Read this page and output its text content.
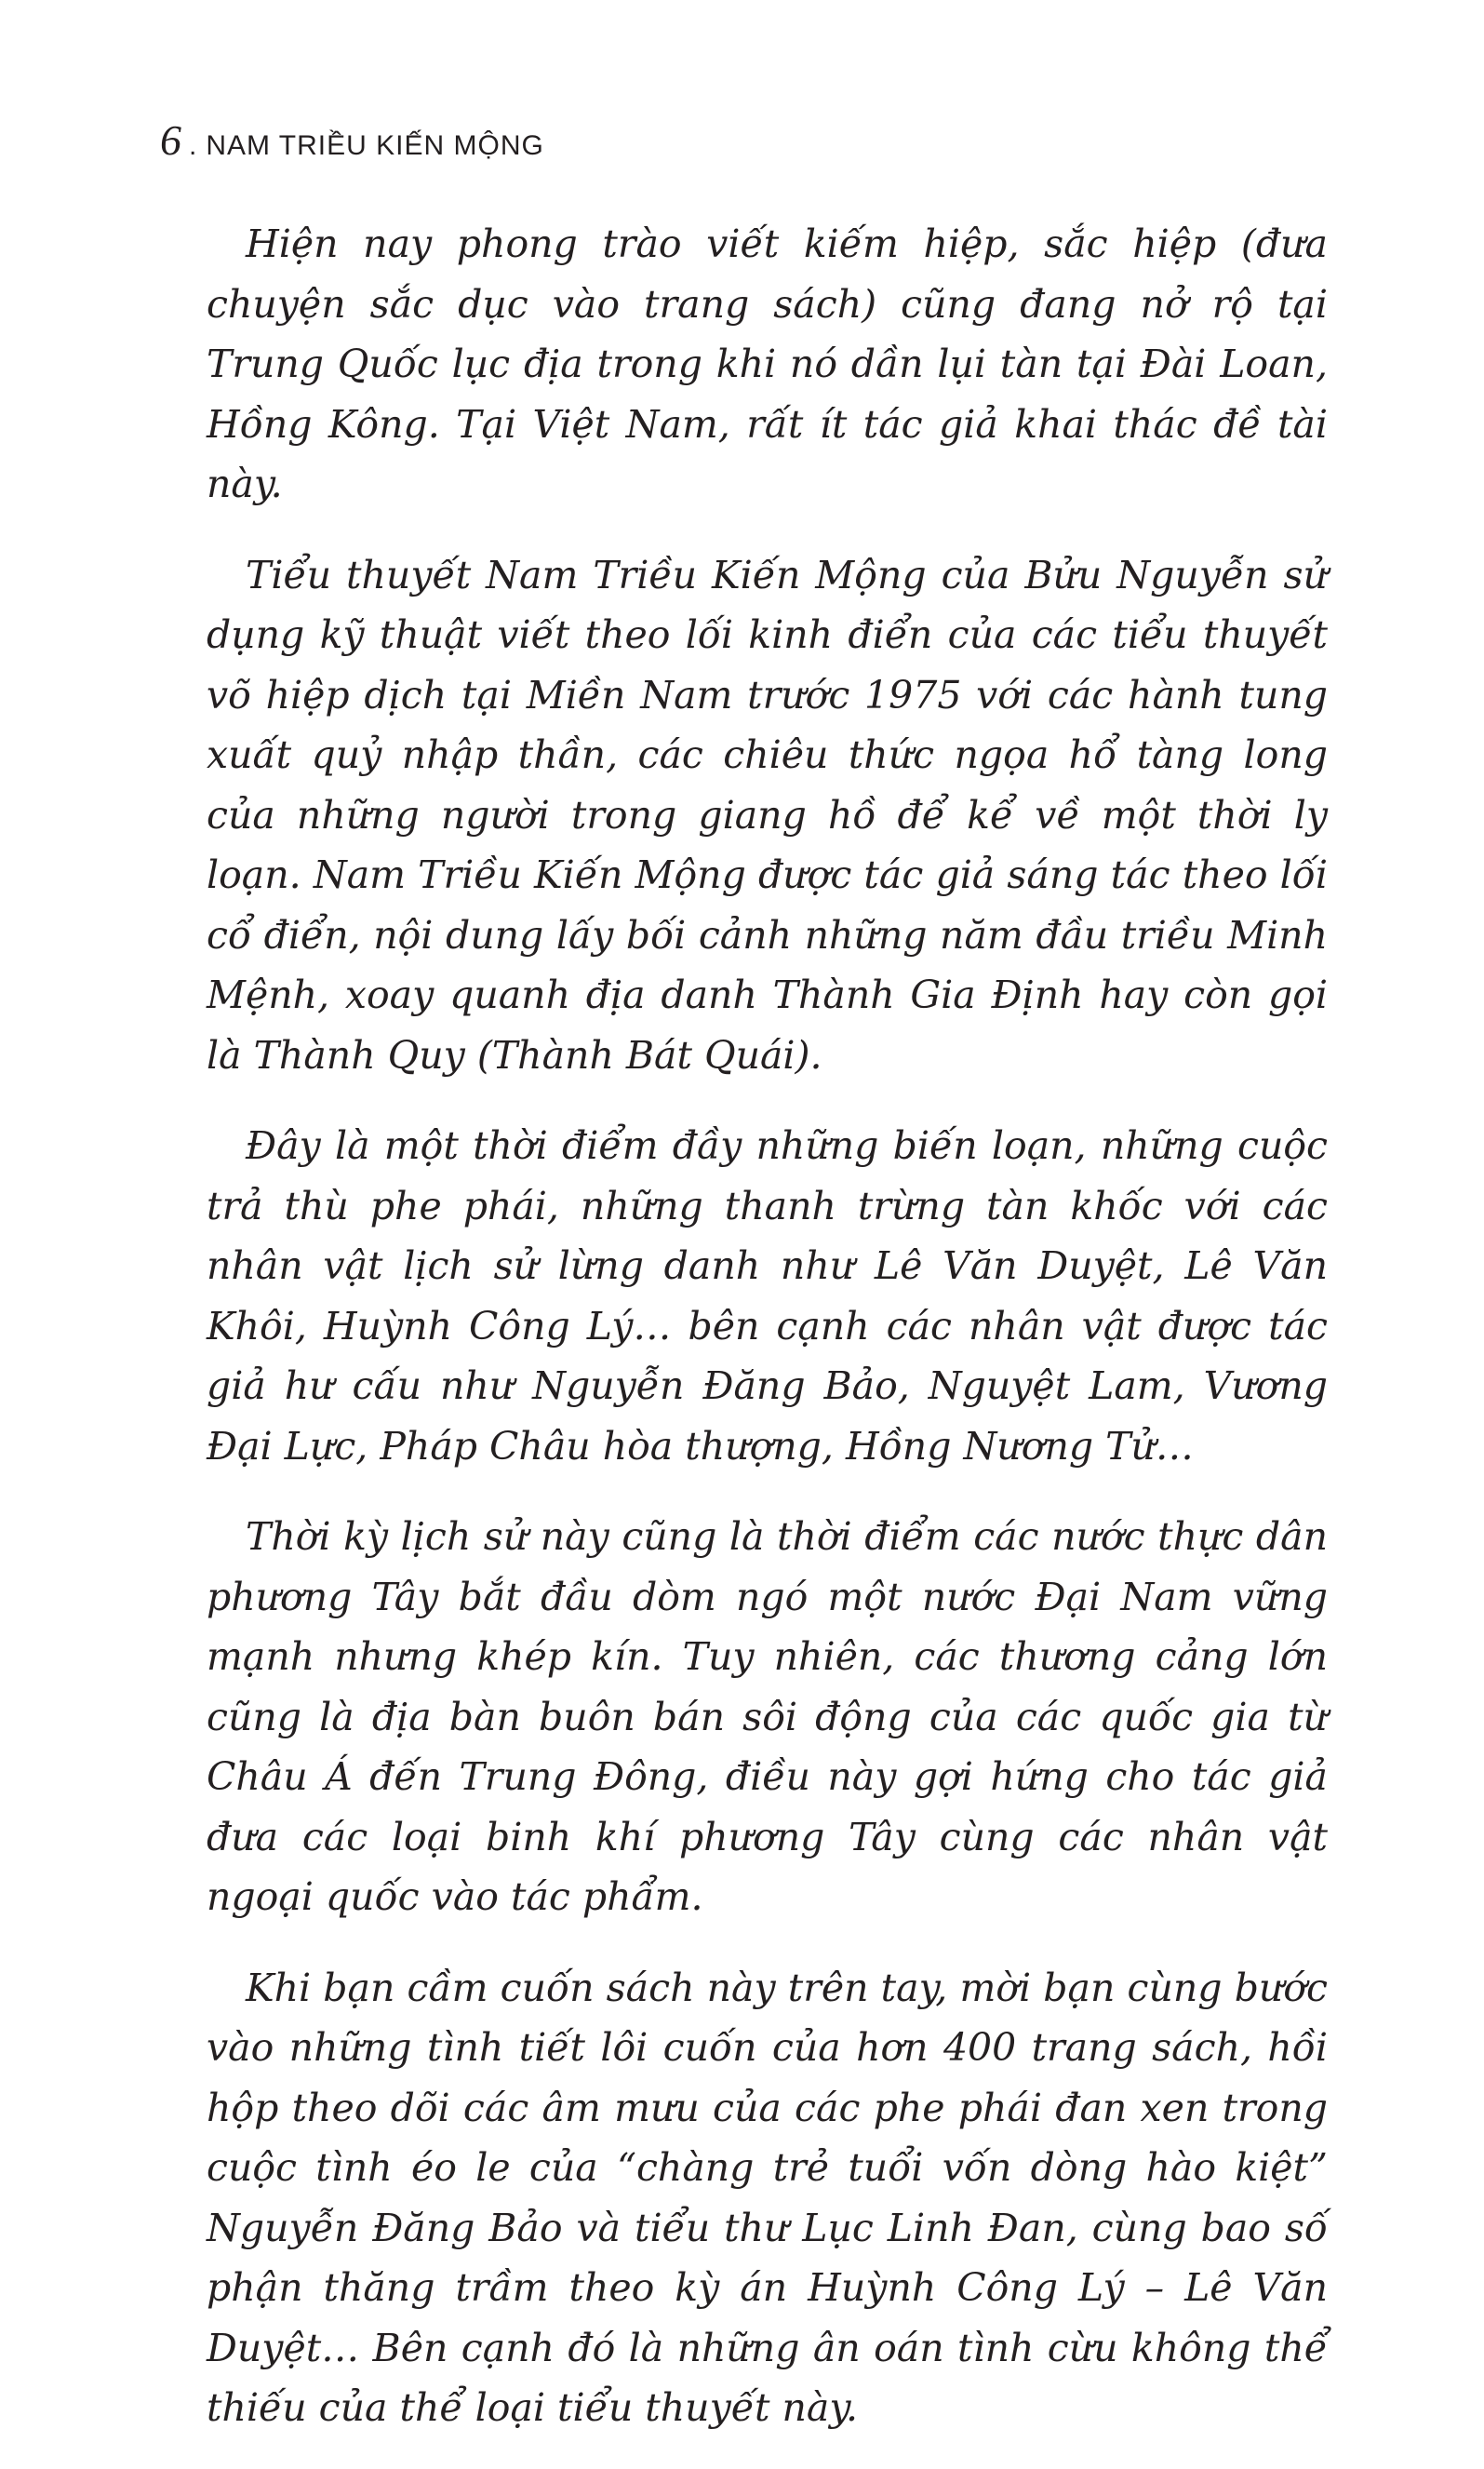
6 . NAM TRIỀU KIẾN MỘNG

Hiện nay phong trào viết kiếm hiệp, sắc hiệp (đưa chuyện sắc dục vào trang sách) cũng đang nở rộ tại Trung Quốc lục địa trong khi nó dần lụi tàn tại Đài Loan, Hồng Kông. Tại Việt Nam, rất ít tác giả khai thác đề tài này.

Tiểu thuyết Nam Triều Kiến Mộng của Bửu Nguyễn sử dụng kỹ thuật viết theo lối kinh điển của các tiểu thuyết võ hiệp dịch tại Miền Nam trước 1975 với các hành tung xuất quỷ nhập thần, các chiêu thức ngọa hổ tàng long của những người trong giang hồ để kể về một thời ly loạn. Nam Triều Kiến Mộng được tác giả sáng tác theo lối cổ điển, nội dung lấy bối cảnh những năm đầu triều Minh Mệnh, xoay quanh địa danh Thành Gia Định hay còn gọi là Thành Quy (Thành Bát Quái).

Đây là một thời điểm đầy những biến loạn, những cuộc trả thù phe phái, những thanh trừng tàn khốc với các nhân vật lịch sử lừng danh như Lê Văn Duyệt, Lê Văn Khôi, Huỳnh Công Lý… bên cạnh các nhân vật được tác giả hư cấu như Nguyễn Đăng Bảo, Nguyệt Lam, Vương Đại Lực, Pháp Châu hòa thượng, Hồng Nương Tử…

Thời kỳ lịch sử này cũng là thời điểm các nước thực dân phương Tây bắt đầu dòm ngó một nước Đại Nam vững mạnh nhưng khép kín. Tuy nhiên, các thương cảng lớn cũng là địa bàn buôn bán sôi động của các quốc gia từ Châu Á đến Trung Đông, điều này gợi hứng cho tác giả đưa các loại binh khí phương Tây cùng các nhân vật ngoại quốc vào tác phẩm.

Khi bạn cầm cuốn sách này trên tay, mời bạn cùng bước vào những tình tiết lôi cuốn của hơn 400 trang sách, hồi hộp theo dõi các âm mưu của các phe phái đan xen trong cuộc tình éo le của “chàng trẻ tuổi vốn dòng hào kiệt” Nguyễn Đăng Bảo và tiểu thư Lục Linh Đan, cùng bao số phận thăng trầm theo kỳ án Huỳnh Công Lý – Lê Văn Duyệt… Bên cạnh đó là những ân oán tình cừu không thể thiếu của thể loại tiểu thuyết này.
